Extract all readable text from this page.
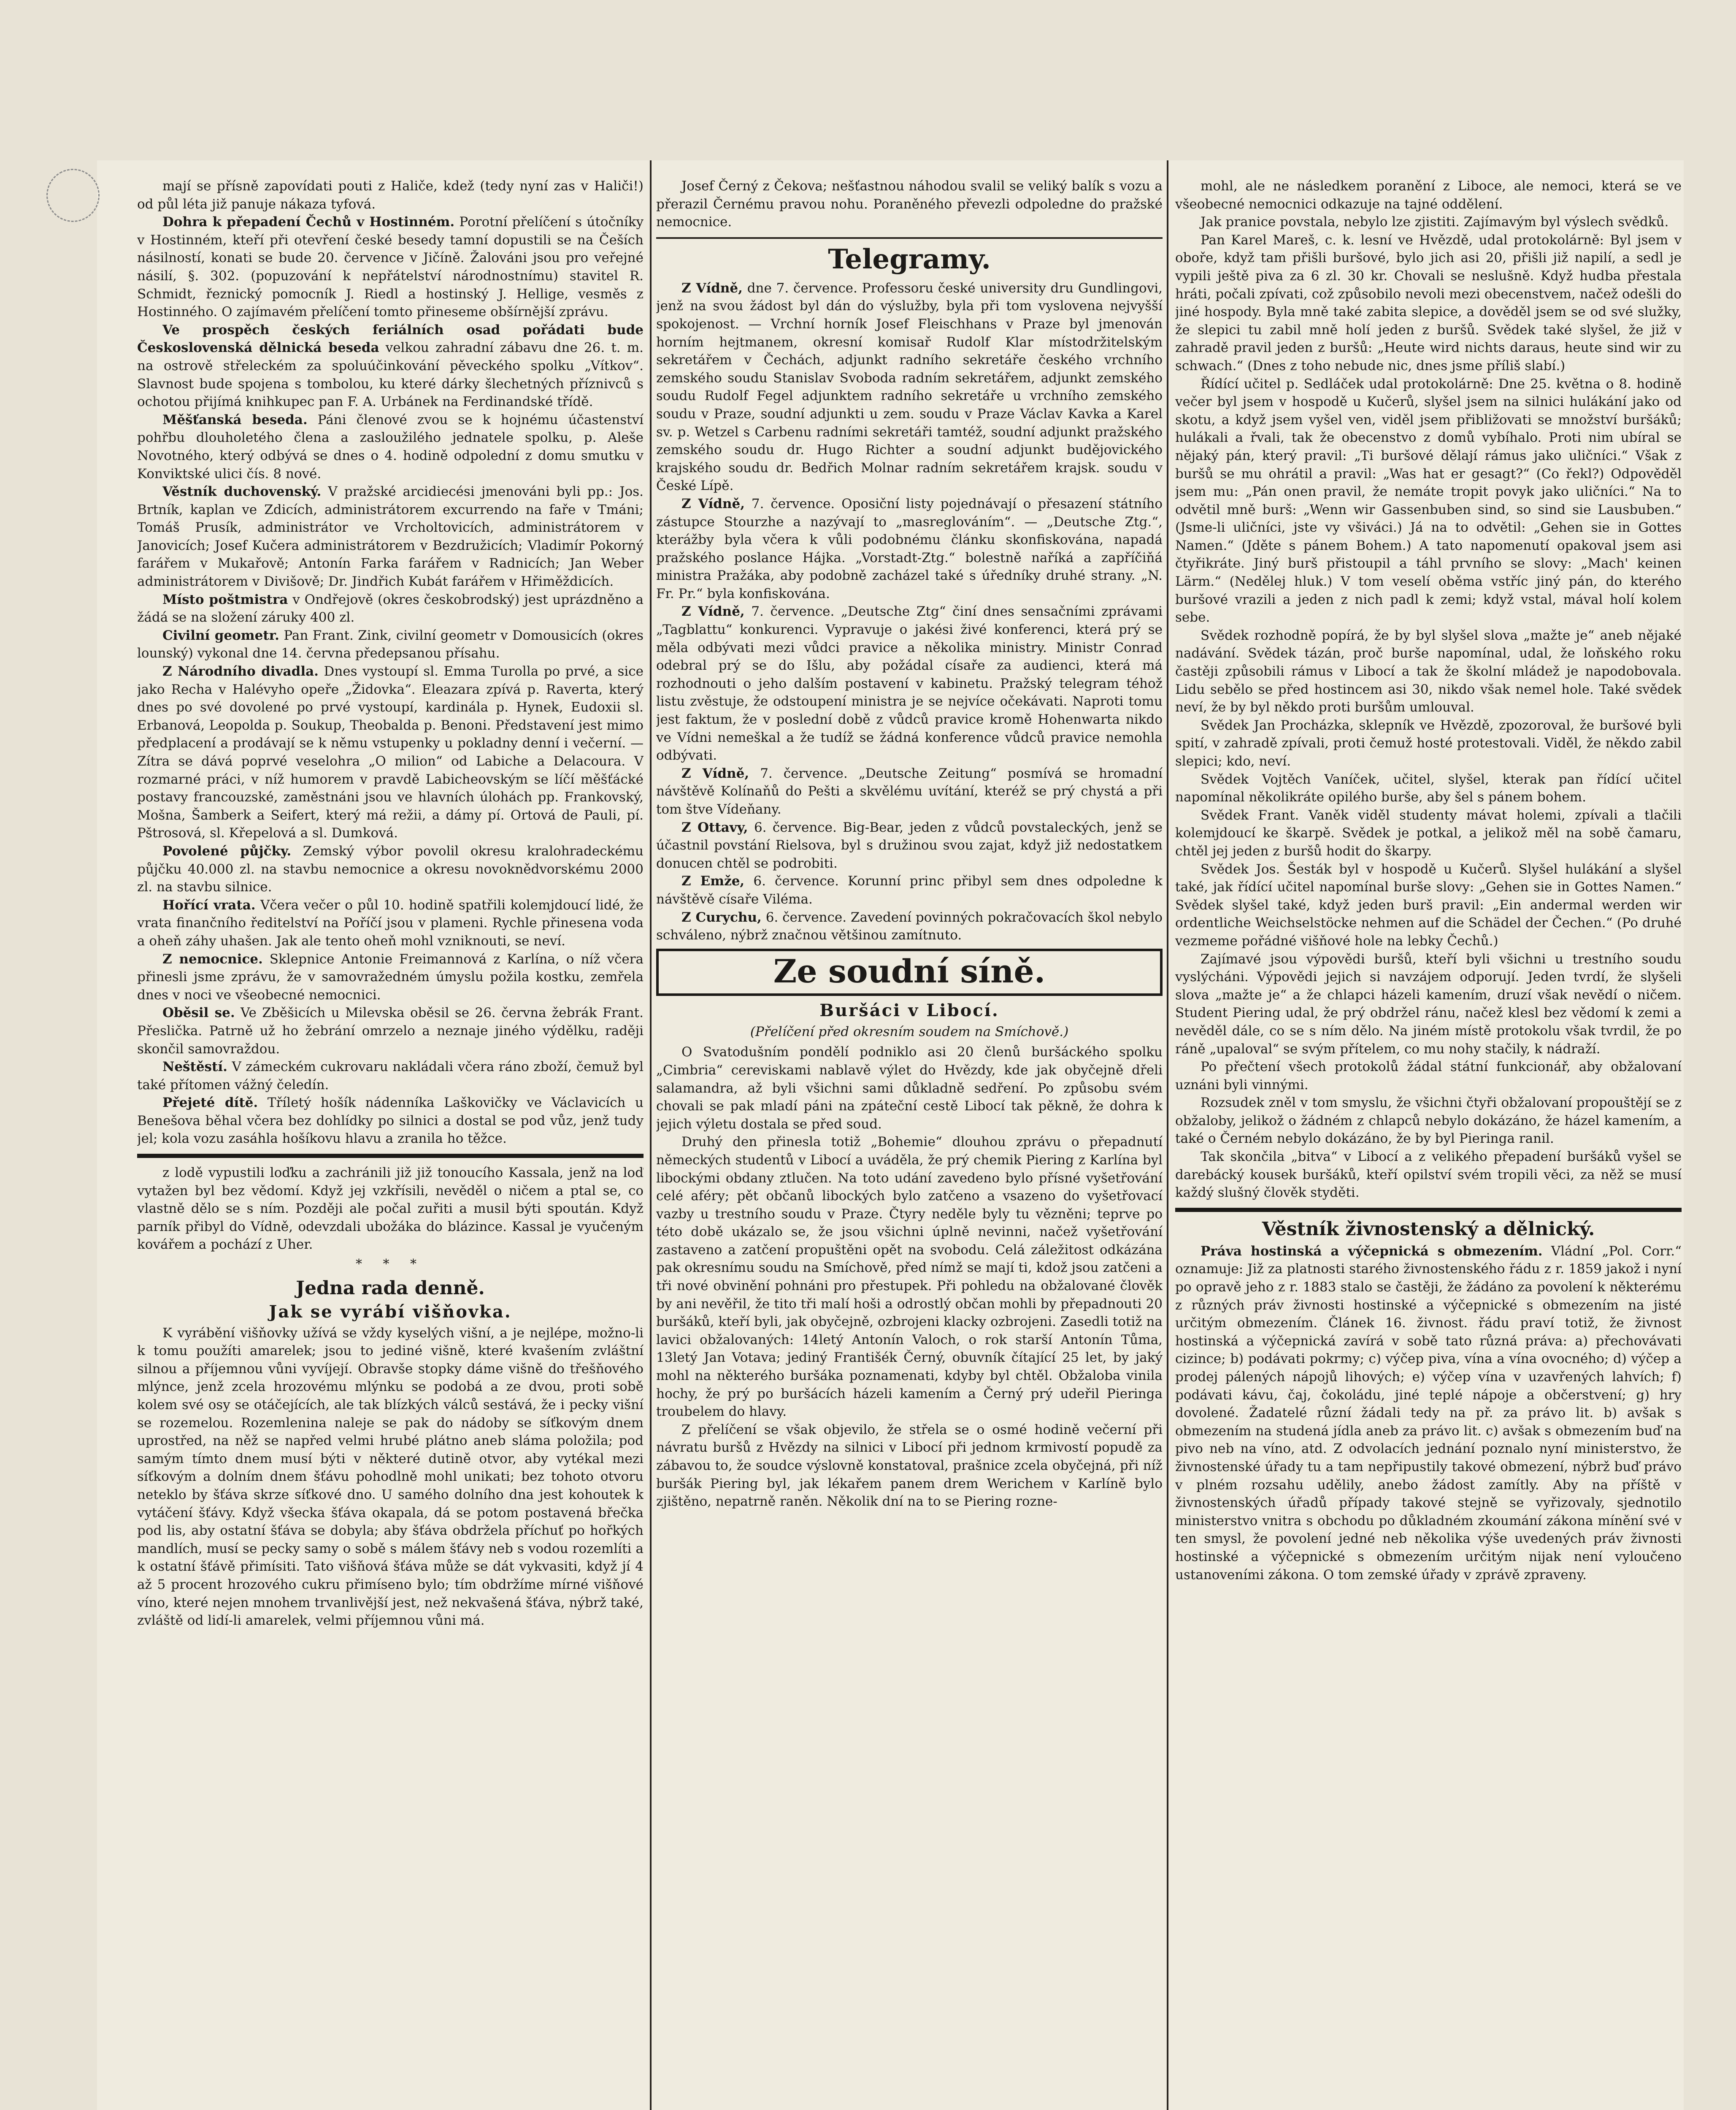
mají se přísně zapovídati pouti z Haliče, kdež (tedy nyní zas v Haliči!) od půl léta již panuje nákaza tyfová.

Dohra k přepadení Čechů v Hostinném. Porotní přelíčení s útočníky v Hostinném, kteří při otevření české besedy tamní dopustili se na Češích násilností, konati se bude 20. července v Jičíně. Žalováni jsou pro veřejné násilí, §. 302. (popuzování k nepřátelství národnostnímu) stavitel R. Schmidt, řeznický pomocník J. Riedl a hostinský J. Hellige, vesměs z Hostinného. O zajímavém přelíčení tomto přineseme obšírnější zprávu.

Ve prospěch českých feriálních osad pořádati bude Československá dělnická beseda velkou zahradní zábavu dne 26. t. m. na ostrově střeleckém za spoluúčinkování pěveckého spolku „Vítkov“. Slavnost bude spojena s tombolou, ku které dárky šlechetných příznivců s ochotou přijímá knihkupec pan F. A. Urbánek na Ferdinandské třídě.

Měšťanská beseda. Páni členové zvou se k hojnému účastenství pohřbu dlouholetého člena a zasloužilého jednatele spolku, p. Aleše Novotného, který odbývá se dnes o 4. hodině odpolední z domu smutku v Konviktské ulici čís. 8 nové.

Věstník duchovenský. V pražské arcidiecési jmenováni byli pp.: Jos. Brtník, kaplan ve Zdicích, administrátorem excurrendo na faře v Tmáni; Tomáš Prusík, administrátor ve Vrcholtovicích, administrátorem v Janovicích; Josef Kučera administrátorem v Bezdružicích; Vladimír Pokorný farářem v Mukařově; Antonín Farka farářem v Radnicích; Jan Weber administrátorem v Divišově; Dr. Jindřich Kubát farářem v Hřiměždicích.

Místo poštmistra v Ondřejově (okres českobrodský) jest uprázdněno a žádá se na složení záruky 400 zl.

Civilní geometr. Pan Frant. Zink, civilní geometr v Domousicích (okres lounský) vykonal dne 14. června předepsanou přísahu.

Z Národního divadla. Dnes vystoupí sl. Emma Turolla po prvé, a sice jako Recha v Halévyho opeře „Židovka“. Eleazara zpívá p. Raverta, který dnes po své dovolené po prvé vystoupí, kardinála p. Hynek, Eudoxii sl. Erbanová, Leopolda p. Soukup, Theobalda p. Benoni. Představení jest mimo předplacení a prodávají se k němu vstupenky u pokladny denní i večerní. — Zítra se dává poprvé veselohra „O milion“ od Labiche a Delacoura. V rozmarné práci, v níž humorem v pravdě Labicheovským se líčí měšťácké postavy francouzské, zaměstnáni jsou ve hlavních úlohách pp. Frankovský, Mošna, Šamberk a Seifert, který má režii, a dámy pí. Ortová de Pauli, pí. Pštrosová, sl. Křepelová a sl. Dumková.

Povolené půjčky. Zemský výbor povolil okresu kralohradeckému půjčku 40.000 zl. na stavbu nemocnice a okresu novoknědvorskému 2000 zl. na stavbu silnice.

Hořící vrata. Včera večer o půl 10. hodině spatřili kolemjdoucí lidé, že vrata finančního ředitelství na Poříčí jsou v plameni. Rychle přinesena voda a oheň záhy uhašen. Jak ale tento oheň mohl vzniknouti, se neví.

Z nemocnice. Sklepnice Antonie Freimannová z Karlína, o níž včera přinesli jsme zprávu, že v samovražedném úmyslu požila kostku, zemřela dnes v noci ve všeobecné nemocnici.

Oběsil se. Ve Zběšicích u Milevska oběsil se 26. června žebrák Frant. Přeslička. Patrně už ho žebrání omrzelo a neznaje jiného výdělku, raději skončil samovraždou.

Neštěstí. V zámeckém cukrovaru nakládali včera ráno zboží, čemuž byl také přítomen vážný čeledín.

Přejeté dítě. Tříletý hošík nádenníka Laškovičky ve Václavicích u Benešova běhal včera bez dohlídky po silnici a dostal se pod vůz, jenž tudy jel; kola vozu zasáhla hošíkovu hlavu a zranila ho těžce.

z lodě vypustili loďku a zachránili již již tonoucího Kassala, jenž na loď vytažen byl bez vědomí. Když jej vzkřísili, nevěděl o ničem a ptal se, co vlastně dělo se s ním. Později ale počal zuřiti a musil býti spoután. Když parník přibyl do Vídně, odevzdali ubožáka do blázince. Kassal je vyučeným kovářem a pochází z Uher.

* * *
Jedna rada denně.
Jak se vyrábí višňovka.

K vyrábění višňovky užívá se vždy kyselých višní, a je nejlépe, možno-li k tomu použíti amarelek; jsou to jediné višně, které kvašením zvláštní silnou a příjemnou vůni vyvíjejí. Obravše stopky dáme višně do třešňového mlýnce, jenž zcela hrozovému mlýnku se podobá a ze dvou, proti sobě kolem své osy se otáčejících, ale tak blízkých válců sestává, že i pecky višní se rozemelou. Rozemlenina naleje se pak do nádoby se síťkovým dnem uprostřed, na něž se napřed velmi hrubé plátno aneb sláma položila; pod samým tímto dnem musí býti v některé dutině otvor, aby vytékal mezi síťkovým a dolním dnem šťávu pohodlně mohl unikati; bez tohoto otvoru neteklo by šťáva skrze síťkové dno. U samého dolního dna jest kohoutek k vytáčení šťávy. Když všecka šťáva okapala, dá se potom postavená břečka pod lis, aby ostatní šťáva se dobyla; aby šťáva obdržela příchuť po hořkých mandlích, musí se pecky samy o sobě s málem šťávy neb s vodou rozemlíti a k ostatní šťávě přimísiti. Tato višňová šťáva může se dát vykvasiti, když jí 4 až 5 procent hrozového cukru přimíseno bylo; tím obdržíme mírné višňové víno, které nejen mnohem trvanlivější jest, než nekvašená šťáva, nýbrž také, zvláště od lidí-li amarelek, velmi příjemnou vůni má.

Josef Černý z Čekova; nešťastnou náhodou svalil se veliký balík s vozu a přerazil Černému pravou nohu. Poraněného převezli odpoledne do pražské nemocnice.

Telegramy.

Z Vídně, dne 7. července. Professoru české university dru Gundlingovi, jenž na svou žádost byl dán do výslužby, byla při tom vyslovena nejvyšší spokojenost. — Vrchní horník Josef Fleischhans v Praze byl jmenován horním hejtmanem, okresní komisař Rudolf Klar místodržitelským sekretářem v Čechách, adjunkt radního sekretáře českého vrchního zemského soudu Stanislav Svoboda radním sekretářem, adjunkt zemského soudu Rudolf Fegel adjunktem radního sekretáře u vrchního zemského soudu v Praze, soudní adjunkti u zem. soudu v Praze Václav Kavka a Karel sv. p. Wetzel s Carbenu radními sekretáři tamtéž, soudní adjunkt pražského zemského soudu dr. Hugo Richter a soudní adjunkt budějovického krajského soudu dr. Bedřich Molnar radním sekretářem krajsk. soudu v České Lípě.

Z Vídně, 7. července. Oposiční listy pojednávají o přesazení státního zástupce Stourzhe a nazývají to „masreglováním“. — „Deutsche Ztg.“, kterážby byla včera k vůli podobnému článku skonfiskována, napadá pražského poslance Hájka. „Vorstadt-Ztg.“ bolestně naříká a zapříčiňá ministra Pražáka, aby podobně zacházel také s úředníky druhé strany. „N. Fr. Pr.“ byla konfiskována.

Z Vídně, 7. července. „Deutsche Ztg“ činí dnes sensačními zprávami „Tagblattu“ konkurenci. Vypravuje o jakési živé konferenci, která prý se měla odbývati mezi vůdci pravice a několika ministry. Ministr Conrad odebral prý se do Išlu, aby požádal císaře za audienci, která má rozhodnouti o jeho dalším postavení v kabinetu. Pražský telegram téhož listu zvěstuje, že odstoupení ministra je se nejvíce očekávati. Naproti tomu jest faktum, že v poslední době z vůdců pravice kromě Hohenwarta nikdo ve Vídni nemeškal a že tudíž se žádná konference vůdců pravice nemohla odbývati.

Z Vídně, 7. července. „Deutsche Zeitung“ posmívá se hromadní návštěvě Kolínaňů do Pešti a skvělému uvítání, kteréž se prý chystá a při tom štve Vídeňany.

Z Ottavy, 6. července. Big-Bear, jeden z vůdců povstaleckých, jenž se účastnil povstání Rielsova, byl s družinou svou zajat, když již nedostatkem donucen chtěl se podrobiti.

Z Emže, 6. července. Korunní princ přibyl sem dnes odpoledne k návštěvě císaře Viléma.

Z Curychu, 6. července. Zavedení povinných pokračovacích škol nebylo schváleno, nýbrž značnou většinou zamítnuto.

Ze soudní síně.
Buršáci v Libocí.
(Přelíčení před okresním soudem na Smíchově.)

O Svatodušním pondělí podniklo asi 20 členů buršáckého spolku „Cimbria“ cereviskami nablavě výlet do Hvězdy, kde jak obyčejně dřeli salamandra, až byli všichni sami důkladně sedření. Po způsobu svém chovali se pak mladí páni na zpáteční cestě Libocí tak pěkně, že dohra k jejich výletu dostala se před soud.

Druhý den přinesla totiž „Bohemie“ dlouhou zprávu o přepadnutí německých studentů v Libocí a uváděla, že prý chemik Piering z Karlína byl libockými obdany ztlučen. Na toto udání zavedeno bylo přísné vyšetřování celé aféry; pět občanů libockých bylo zatčeno a vsazeno do vyšetřovací vazby u trestního soudu v Praze. Čtyry neděle byly tu vězněni; teprve po této době ukázalo se, že jsou všichni úplně nevinni, načež vyšetřování zastaveno a zatčení propuštěni opět na svobodu. Celá záležitost odkázána pak okresnímu soudu na Smíchově, před nímž se mají ti, kdož jsou zatčeni a tři nové obvinění pohnáni pro přestupek. Při pohledu na obžalované člověk by ani nevěřil, že tito tři malí hoši a odrostlý občan mohli by přepadnouti 20 buršáků, kteří byli, jak obyčejně, ozbrojeni klacky ozbrojeni. Zasedli totiž na lavici obžalovaných: 14letý Antonín Valoch, o rok starší Antonín Tůma, 13letý Jan Votava; jediný Františék Černý, obuvník čítající 25 let, by jaký mohl na některého buršáka poznamenati, kdyby byl chtěl. Obžaloba vinila hochy, že prý po buršácích házeli kamením a Černý prý udeřil Pieringa troubelem do hlavy.

Z přelíčení se však objevilo, že střela se o osmé hodině večerní při návratu buršů z Hvězdy na silnici v Libocí při jednom krmivostí popudě za zábavou to, že soudce výslovně konstatoval, prašnice zcela obyčejná, při níž buršák Piering byl, jak lékařem panem drem Werichem v Karlíně bylo zjištěno, nepatrně raněn. Několik dní na to se Piering rozne-

mohl, ale ne následkem poranění z Libocе, ale nemoci, která se ve všeobecné nemocnici odkazuje na tajné oddělení.

Jak pranice povstala, nebylo lze zjistiti. Zajímavým byl výslech svědků.

Pan Karel Mareš, c. k. lesní ve Hvězdě, udal protokolárně: Byl jsem v oboře, když tam přišli buršové, bylo jich asi 20, přišli již napilí, a sedl je vypili ještě piva za 6 zl. 30 kr. Chovali se neslušně. Když hudba přestala hráti, počali zpívati, což způsobilo nevoli mezi obecenstvem, načež odešli do jiné hospody. Byla mně také zabita slepice, a dověděl jsem se od své služky, že slepici tu zabil mně holí jeden z buršů. Svědek také slyšel, že již v zahradě pravil jeden z buršů: „Heute wird nichts daraus, heute sind wir zu schwach.“ (Dnes z toho nebude nic, dnes jsme příliš slabí.)

Řídící učitel p. Sedláček udal protokolárně: Dne 25. května o 8. hodině večer byl jsem v hospodě u Kučerů, slyšel jsem na silnici hulákání jako od skotu, a když jsem vyšel ven, viděl jsem přibližovati se množství buršáků; hulákali a řvali, tak že obecenstvo z domů vybíhalo. Proti nim ubíral se nějaký pán, který pravil: „Ti buršové dělají rámus jako uličníci.“ Však z buršů se mu ohrátil a pravil: „Was hat er gesagt?“ (Co řekl?) Odpověděl jsem mu: „Pán onen pravil, že nemáte tropit povyk jako uličníci.“ Na to odvětil mně burš: „Wenn wir Gassenbuben sind, so sind sie Lausbuben.“ (Jsme-li uličníci, jste vy všiváci.) Já na to odvětil: „Gehen sie in Gottes Namen.“ (Jděte s pánem Bohem.) A tato napomenutí opakoval jsem asi čtyřikráte. Jiný burš přistoupil a táhl prvního se slovy: „Mach' keinen Lärm.“ (Nedělej hluk.) V tom veselí oběma vstříc jiný pán, do kterého buršové vrazili a jeden z nich padl k zemi; když vstal, mával holí kolem sebe.

Svědek rozhodně popírá, že by byl slyšel slova „mažte je“ aneb nějaké nadávání. Svědek tázán, proč burše napomínal, udal, že loňského roku častěji způsobili rámus v Libocí a tak že školní mládež je napodobovala. Lidu sebělo se před hostincem asi 30, nikdo však nemel hole. Také svědek neví, že by byl někdo proti buršům umlouval.

Svědek Jan Procházka, sklepník ve Hvězdě, zpozoroval, že buršové byli spití, v zahradě zpívali, proti čemuž hosté protestovali. Viděl, že někdo zabil slepici; kdo, neví.

Svědek Vojtěch Vaníček, učitel, slyšel, kterak pan řídící učitel napomínal několikráte opilého burše, aby šel s pánem bohem.

Svědek Frant. Vaněk viděl studenty mávat holemi, zpívali a tlačili kolemjdoucí ke škarpě. Svědek je potkal, a jelikož měl na sobě čamaru, chtěl jej jeden z buršů hodit do škarpy.

Svědek Jos. Šesták byl v hospodě u Kučerů. Slyšel hulákání a slyšel také, jak řídící učitel napomínal burše slovy: „Gehen sie in Gottes Namen.“ Svědek slyšel také, když jeden burš pravil: „Ein andermal werden wir ordentliche Weichselstöcke nehmen auf die Schädel der Čechen.“ (Po druhé vezmeme pořádné višňové hole na lebky Čechů.)

Zajímavé jsou výpovědi buršů, kteří byli všichni u trestního soudu vyslýcháni. Výpovědi jejich si navzájem odporují. Jeden tvrdí, že slyšeli slova „mažte je“ a že chlapci házeli kamením, druzí však nevědí o ničem. Student Piering udal, že prý obdržel ránu, načež klesl bez vědomí k zemi a nevěděl dále, co se s ním dělo. Na jiném místě protokolu však tvrdil, že po ráně „upaloval“ se svým přítelem, co mu nohy stačily, k nádraží.

Po přečtení všech protokolů žádal státní funkcionář, aby obžalovaní uznáni byli vinnými.

Rozsudek zněl v tom smyslu, že všichni čtyři obžalovaní propouštějí se z obžaloby, jelikož o žádném z chlapců nebylo dokázáno, že házel kamením, a také o Černém nebylo dokázáno, že by byl Pieringa ranil.

Tak skončila „bitva“ v Libocí a z velikého přepadení buršáků vyšel se darebácký kousek buršáků, kteří opilství svém tropili věci, za něž se musí každý slušný člověk styděti.

Věstník živnostenský a dělnický.

Práva hostinská a výčepnická s obmezením. Vládní „Pol. Corr.“ oznamuje: Již za platnosti starého živnostenského řádu z r. 1859 jakož i nyní po opravě jeho z r. 1883 stalo se častěji, že žádáno za povolení k některému z různých práv živnosti hostinské a výčepnické s obmezením na jisté určitým obmezením. Článek 16. živnost. řádu praví totiž, že živnost hostinská a výčepnická zavírá v sobě tato různá práva: a) přechovávati cizince; b) podávati pokrmy; c) výčep piva, vína a vína ovocného; d) výčep a prodej pálených nápojů lihových; e) výčep vína v uzavřených lahvích; f) podávati kávu, čaj, čokoládu, jiné teplé nápoje a občerstvení; g) hry dovolené. Žadatelé různí žádali tedy na př. za právo lit. b) avšak s obmezením na studená jídla aneb za právo lit. c) avšak s obmezením buď na pivo neb na víno, atd. Z odvolacích jednání poznalo nyní ministerstvo, že živnostenské úřady tu a tam nepřipustily takové obmezení, nýbrž buď právo v plném rozsahu udělily, anebo žádost zamítly. Aby na příště v živnostenských úřadů případy takové stejně se vyřizovaly, sjednotilo ministerstvo vnitra s obchodu po důkladném zkoumání zákona mínění své v ten smysl, že povolení jedné neb několika výše uvedených práv živnosti hostinské a výčepnické s obmezením určitým nijak není vyloučeno ustanoveními zákona. O tom zemské úřady v zprávě zpraveny.
